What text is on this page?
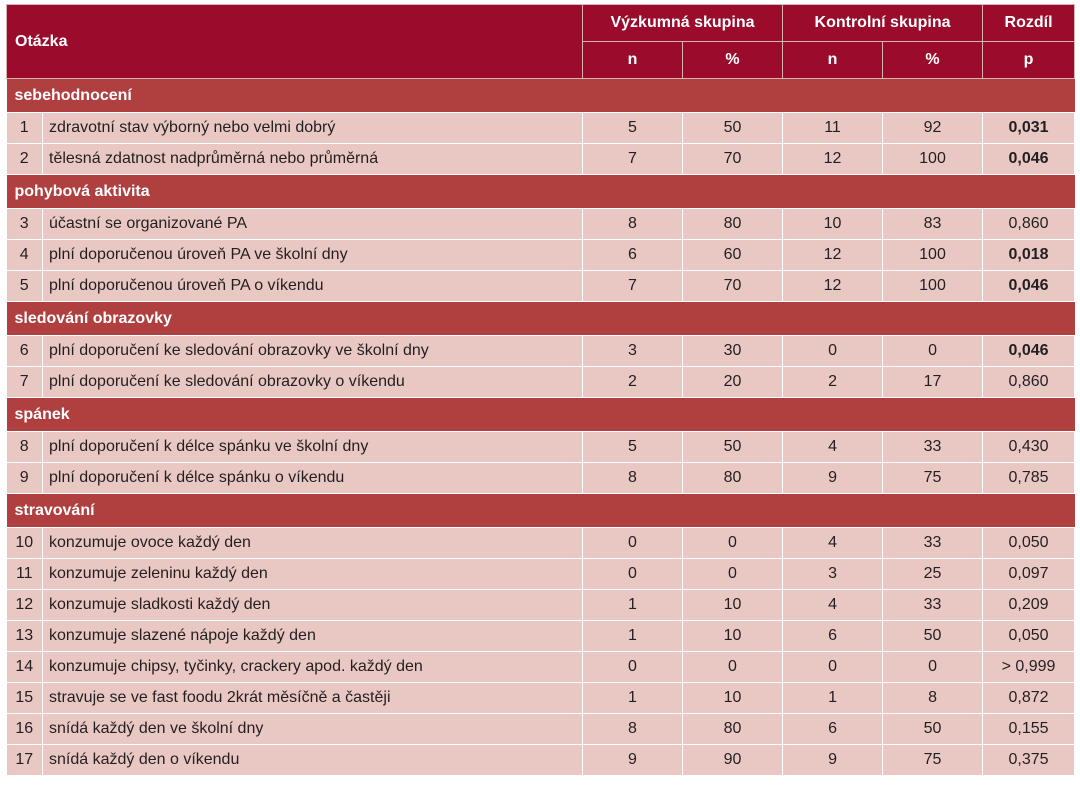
Otázka		Výzkumná skupina		Kontrolní skupina		Rozdíl
		n	%	n	%	p
sebehodnocení						
1	zdravotní stav výborný nebo velmi dobrý	5	50	11	92	0,031
2	tělesná zdatnost nadprůměrná nebo průměrná	7	70	12	100	0,046
pohybová aktivita						
3	účastní se organizované PA	8	80	10	83	0,860
4	plní doporučenou úroveň PA ve školní dny	6	60	12	100	0,018
5	plní doporučenou úroveň PA o víkendu	7	70	12	100	0,046
sledování obrazovky						
6	plní doporučení ke sledování obrazovky ve školní dny	3	30	0	0	0,046
7	plní doporučení ke sledování obrazovky o víkendu	2	20	2	17	0,860
spánek						
8	plní doporučení k délce spánku ve školní dny	5	50	4	33	0,430
9	plní doporučení k délce spánku o víkendu	8	80	9	75	0,785
stravování						
10	konzumuje ovoce každý den	0	0	4	33	0,050
11	konzumuje zeleninu každý den	0	0	3	25	0,097
12	konzumuje sladkosti každý den	1	10	4	33	0,209
13	konzumuje slazené nápoje každý den	1	10	6	50	0,050
14	konzumuje chipsy, tyčinky, crackery apod. každý den	0	0	0	0	> 0,999
15	stravuje se ve fast foodu 2krát měsíčně a častěji	1	10	1	8	0,872
16	snídá každý den ve školní dny	8	80	6	50	0,155
17	snídá každý den o víkendu	9	90	9	75	0,375
